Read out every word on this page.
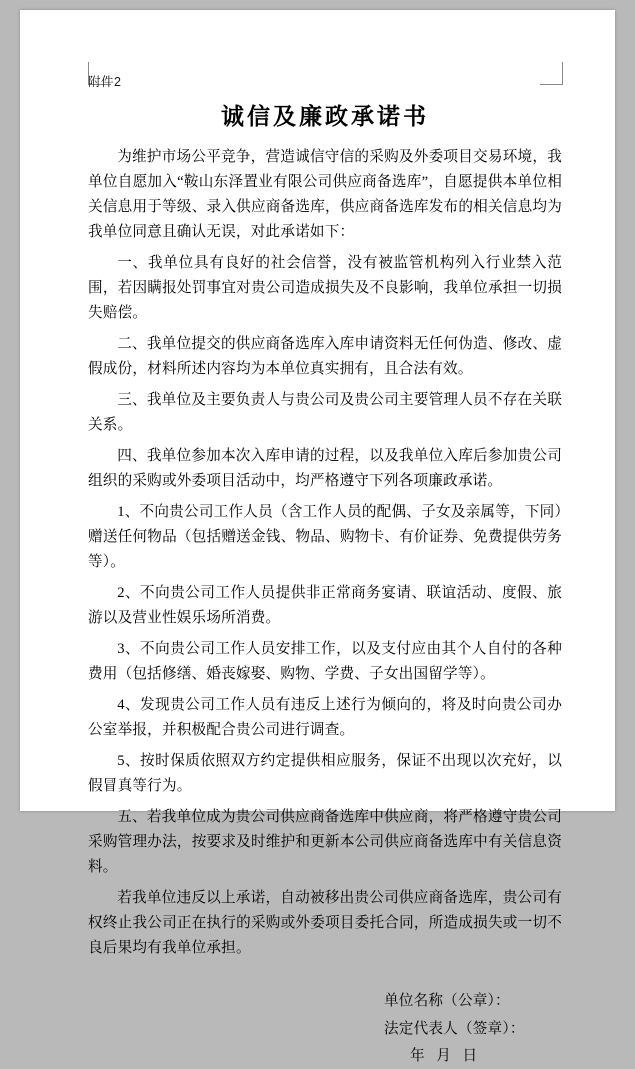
附件2
诚信及廉政承诺书

为维护市场公平竞争，营造诚信守信的采购及外委项目交易环境，我单位自愿加入“鞍山东泽置业有限公司供应商备选库”，自愿提供本单位相关信息用于等级、录入供应商备选库，供应商备选库发布的相关信息均为我单位同意且确认无误，对此承诺如下：

一、我单位具有良好的社会信誉，没有被监管机构列入行业禁入范围，若因瞒报处罚事宜对贵公司造成损失及不良影响，我单位承担一切损失赔偿。

二、我单位提交的供应商备选库入库申请资料无任何伪造、修改、虚假成份，材料所述内容均为本单位真实拥有，且合法有效。

三、我单位及主要负责人与贵公司及贵公司主要管理人员不存在关联关系。

四、我单位参加本次入库申请的过程，以及我单位入库后参加贵公司组织的采购或外委项目活动中，均严格遵守下列各项廉政承诺。

1、不向贵公司工作人员（含工作人员的配偶、子女及亲属等，下同）赠送任何物品（包括赠送金钱、物品、购物卡、有价证券、免费提供劳务等）。

2、不向贵公司工作人员提供非正常商务宴请、联谊活动、度假、旅游以及营业性娱乐场所消费。

3、不向贵公司工作人员安排工作，以及支付应由其个人自付的各种费用（包括修缮、婚丧嫁娶、购物、学费、子女出国留学等）。

4、发现贵公司工作人员有违反上述行为倾向的，将及时向贵公司办公室举报，并积极配合贵公司进行调查。

5、按时保质依照双方约定提供相应服务，保证不出现以次充好，以假冒真等行为。

五、若我单位成为贵公司供应商备选库中供应商，将严格遵守贵公司采购管理办法，按要求及时维护和更新本公司供应商备选库中有关信息资料。

若我单位违反以上承诺，自动被移出贵公司供应商备选库，贵公司有权终止我公司正在执行的采购或外委项目委托合同，所造成损失或一切不良后果均有我单位承担。

单位名称（公章）：
法定代表人（签章）：
年 月 日
